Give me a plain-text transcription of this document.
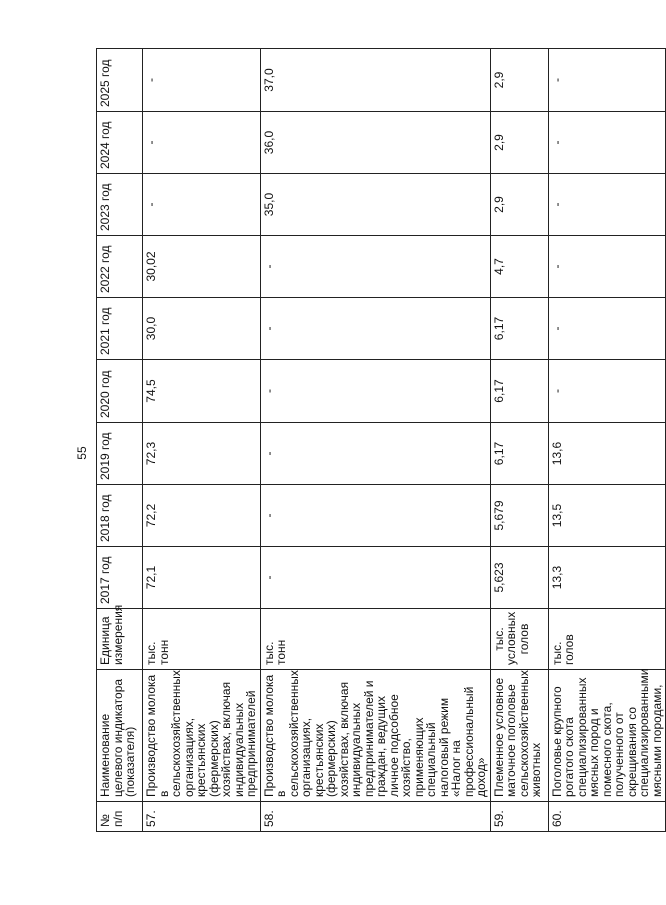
55
№ п/п	Наименование целевого индикатора (показателя)	Единица измерения	2017 год	2018 год	2019 год	2020 год	2021 год	2022 год	2023 год	2024 год	2025 год
57.	Производство молока в сельскохозяйственных организациях, крестьянских (фермерских) хозяйствах, включая индивидуальных предпринимателей	тыс. тонн	72,1	72,2	72,3	74,5	30,0	30,02	-	-	-
58.	Производство молока в сельскохозяйственных организациях, крестьянских (фермерских) хозяйствах, включая индивидуальных предпринимателей и граждан, ведущих личное подсобное хозяйство, применяющих специальный налоговый режим «Налог на профессиональный доход»	тыс. тонн	-	-	-	-	-	-	35,0	36,0	37,0
59.	Племенное условное маточное поголовье сельскохозяйственных животных	тыс. условных голов	5,623	5,679	6,17	6,17	6,17	4,7	2,9	2,9	2,9
60.	Поголовье крупного рогатого скота специализированных мясных пород и помесного скота, полученного от скрещивания со специализированными мясными породами,	тыс. голов	13,3	13,5	13,6	-	-	-	-	-	-
